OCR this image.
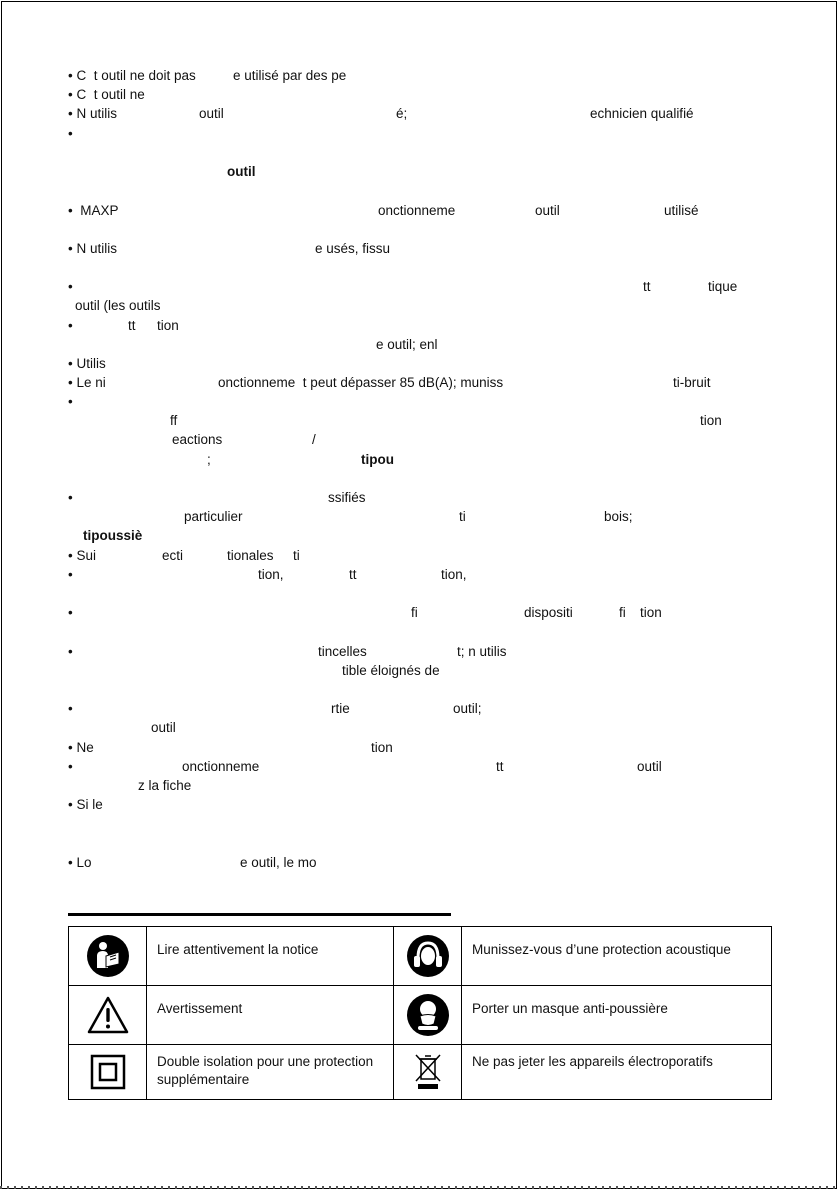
• C  t outil ne doit pas	e utilisé par des pe
• C  t outil ne
• N utilis	outil	é;	echnicien qualifié
•
outil
•  MAXP	onctionneme	outil	utilisé
• N utilis	e usés, fissu
•	tt	tique
outil (les outils
•	tt tion
e outil; enl
• Utilis
• Le ni	onctionneme  t peut dépasser 85 dB(A); muniss	ti-bruit
•
ff	tion
eactions	/
;	tipou
•	ssifiés
particulier	ti	bois;
tipoussiè
• Sui	ecti	tionales ti
•	tion,	tt	tion,
•	fi	dispositi	fi tion
•	tincelles	t; n utilis
tible éloignés de
•	rtie	outil;
outil
• Ne	tion
•	onctionneme	tt	outil
z la fiche
• Si le
• Lo	e outil, le mo
	Lire attentivement la notice		Munissez-vous d’une protection acoustique
	Avertissement		Porter un masque anti-poussière
	Double isolation pour une protection supplémentaire		Ne pas jeter les appareils électroporatifs
